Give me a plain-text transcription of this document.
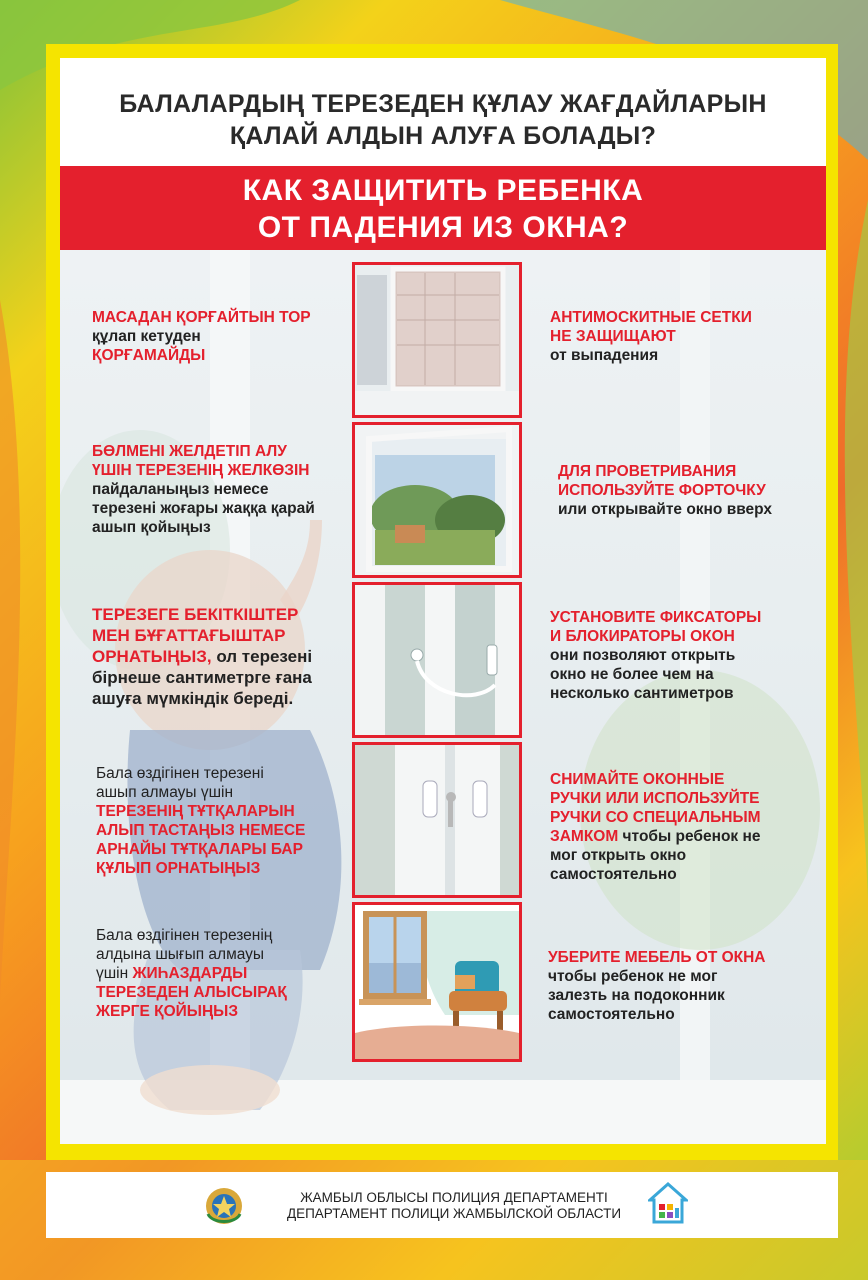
БАЛАЛАРДЫҢ ТЕРЕЗЕДЕН ҚҰЛАУ ЖАҒДАЙЛАРЫН
ҚАЛАЙ АЛДЫН АЛУҒА БОЛАДЫ?
КАК ЗАЩИТИТЬ РЕБЕНКА
ОТ ПАДЕНИЯ ИЗ ОКНА?
МАСАДАН ҚОРҒАЙТЫН ТОР
құлап кетуден
ҚОРҒАМАЙДЫ
АНТИМОСКИТНЫЕ СЕТКИ
НЕ ЗАЩИЩАЮТ
от выпадения
БӨЛМЕНІ ЖЕЛДЕТІП АЛУ
ҮШІН ТЕРЕЗЕНІҢ ЖЕЛКӨЗІН
пайдаланыңыз немесе
терезені жоғары жаққа қарай
ашып қойыңыз
ДЛЯ ПРОВЕТРИВАНИЯ
ИСПОЛЬЗУЙТЕ ФОРТОЧКУ
или открывайте окно вверх
ТЕРЕЗЕГЕ БЕКІТКІШТЕР
МЕН БҰҒАТТАҒЫШТАР
ОРНАТЫҢЫЗ, ол терезені
бірнеше сантиметрге ғана
ашуға мүмкіндік береді.
УСТАНОВИТЕ ФИКСАТОРЫ
И БЛОКИРАТОРЫ ОКОН
они позволяют открыть
окно не более чем на
несколько сантиметров
Бала өздігінен терезені
ашып алмауы үшін
ТЕРЕЗЕНІҢ ТҰТҚАЛАРЫН
АЛЫП ТАСТАҢЫЗ НЕМЕСЕ
АРНАЙЫ ТҰТҚАЛАРЫ БАР
ҚҰЛЫП ОРНАТЫҢЫЗ
СНИМАЙТЕ ОКОННЫЕ
РУЧКИ ИЛИ ИСПОЛЬЗУЙТЕ
РУЧКИ СО СПЕЦИАЛЬНЫМ
ЗАМКОМ чтобы ребенок не
мог открыть окно
самостоятельно
Бала өздігінен терезенің
алдына шығып алмауы
үшін ЖИҺАЗДАРДЫ
ТЕРЕЗЕДЕН АЛЫСЫРАҚ
ЖЕРГЕ ҚОЙЫҢЫЗ
УБЕРИТЕ МЕБЕЛЬ ОТ ОКНА
чтобы ребенок не мог
залезть на подоконник
самостоятельно
ЖАМБЫЛ ОБЛЫСЫ ПОЛИЦИЯ ДЕПАРТАМЕНТІ
ДЕПАРТАМЕНТ ПОЛИЦИ ЖАМБЫЛСКОЙ ОБЛАСТИ
